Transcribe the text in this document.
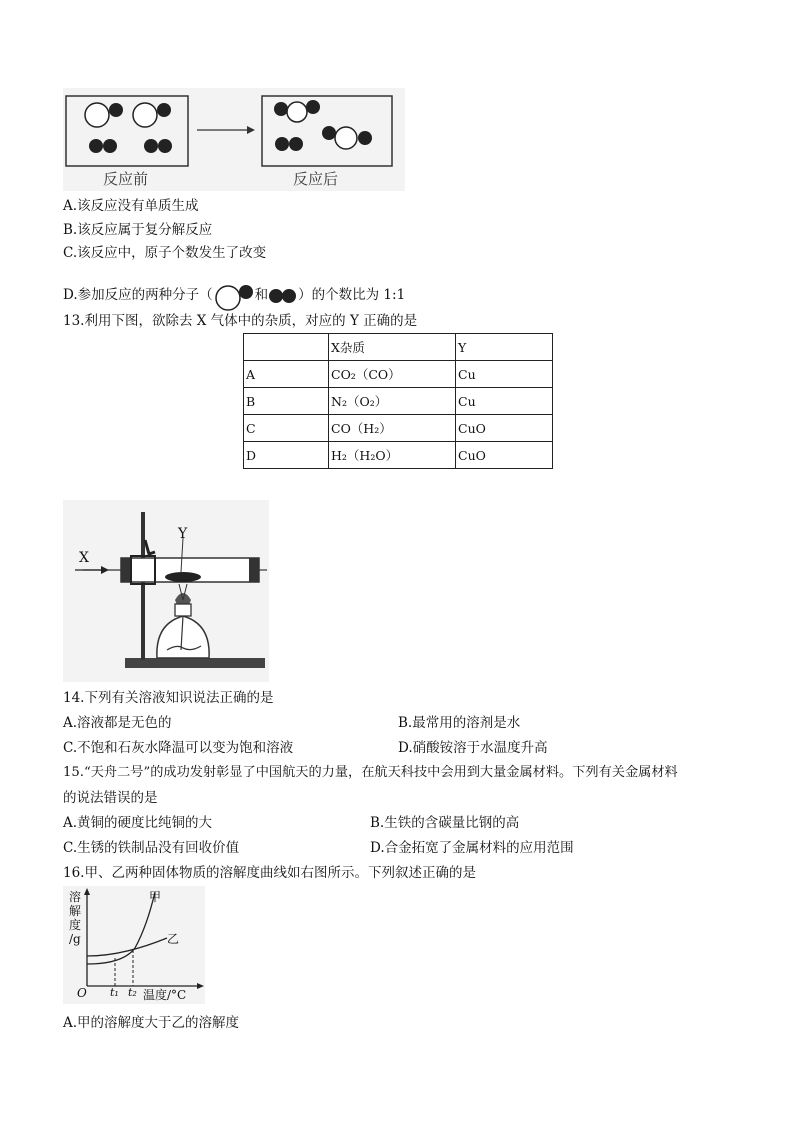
反应前	反应后
A.该反应没有单质生成
B.该反应属于复分解反应
C.该反应中，原子个数发生了改变
D.参加反应的两种分子（	和 ）的个数比为 1:1
13.利用下图，欲除去 X 气体中的杂质，对应的 Y 正确的是
	X杂质	Y
A	CO₂（CO）	Cu
B	N₂（O₂）	Cu
C	CO（H₂）	CuO
D	H₂（H₂O）	CuO
X
Y
14.下列有关溶液知识说法正确的是
A.溶液都是无色的	B.最常用的溶剂是水
C.不饱和石灰水降温可以变为饱和溶液	D.硝酸铵溶于水温度升高
15.“天舟二号”的成功发射彰显了中国航天的力量，在航天科技中会用到大量金属材料。下列有关金属材料
的说法错误的是
A.黄铜的硬度比纯铜的大	B.生铁的含碳量比钢的高
C.生锈的铁制品没有回收价值	D.合金拓宽了金属材料的应用范围
16.甲、乙两种固体物质的溶解度曲线如右图所示。下列叙述正确的是
溶
解
度
/g
甲
乙
O t₁ t₂ 温度/°C
A.甲的溶解度大于乙的溶解度
